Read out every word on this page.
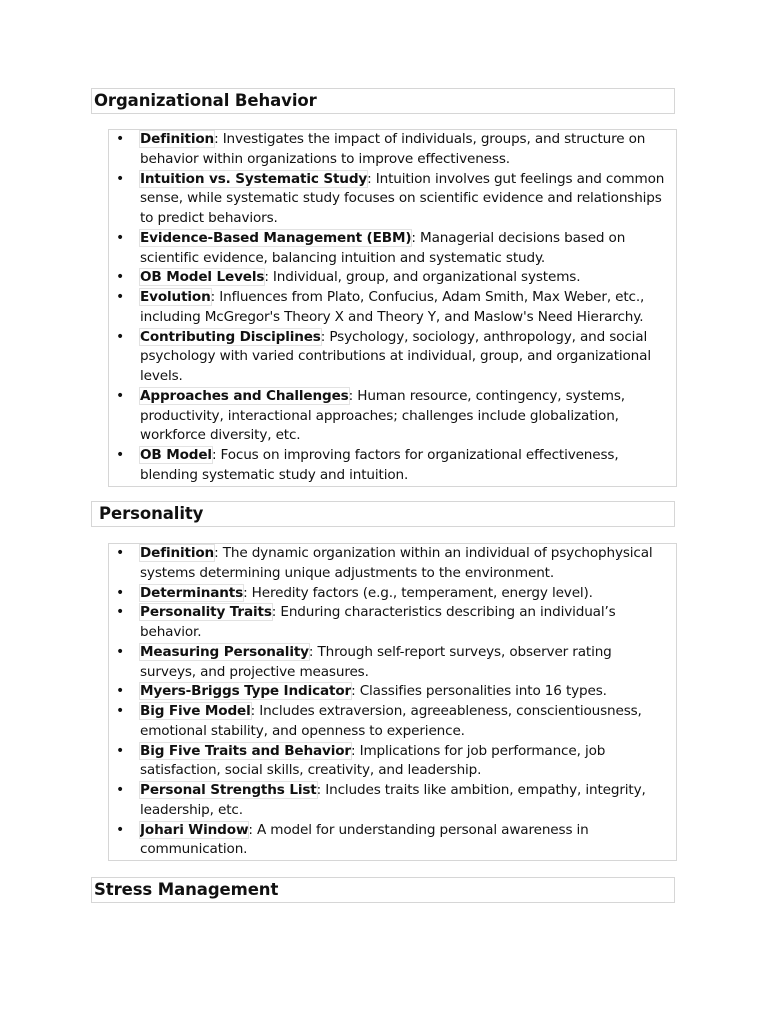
Organizational Behavior
• Definition: Investigates the impact of individuals, groups, and structure on behavior within organizations to improve effectiveness.
• Intuition vs. Systematic Study: Intuition involves gut feelings and common sense, while systematic study focuses on scientific evidence and relationships to predict behaviors.
• Evidence-Based Management (EBM): Managerial decisions based on scientific evidence, balancing intuition and systematic study.
• OB Model Levels: Individual, group, and organizational systems.
• Evolution: Influences from Plato, Confucius, Adam Smith, Max Weber, etc., including McGregor's Theory X and Theory Y, and Maslow's Need Hierarchy.
• Contributing Disciplines: Psychology, sociology, anthropology, and social psychology with varied contributions at individual, group, and organizational levels.
• Approaches and Challenges: Human resource, contingency, systems, productivity, interactional approaches; challenges include globalization, workforce diversity, etc.
• OB Model: Focus on improving factors for organizational effectiveness, blending systematic study and intuition.
Personality
• Definition: The dynamic organization within an individual of psychophysical systems determining unique adjustments to the environment.
• Determinants: Heredity factors (e.g., temperament, energy level).
• Personality Traits: Enduring characteristics describing an individual’s behavior.
• Measuring Personality: Through self-report surveys, observer rating surveys, and projective measures.
• Myers-Briggs Type Indicator: Classifies personalities into 16 types.
• Big Five Model: Includes extraversion, agreeableness, conscientiousness, emotional stability, and openness to experience.
• Big Five Traits and Behavior: Implications for job performance, job satisfaction, social skills, creativity, and leadership.
• Personal Strengths List: Includes traits like ambition, empathy, integrity, leadership, etc.
• Johari Window: A model for understanding personal awareness in communication.
Stress Management
